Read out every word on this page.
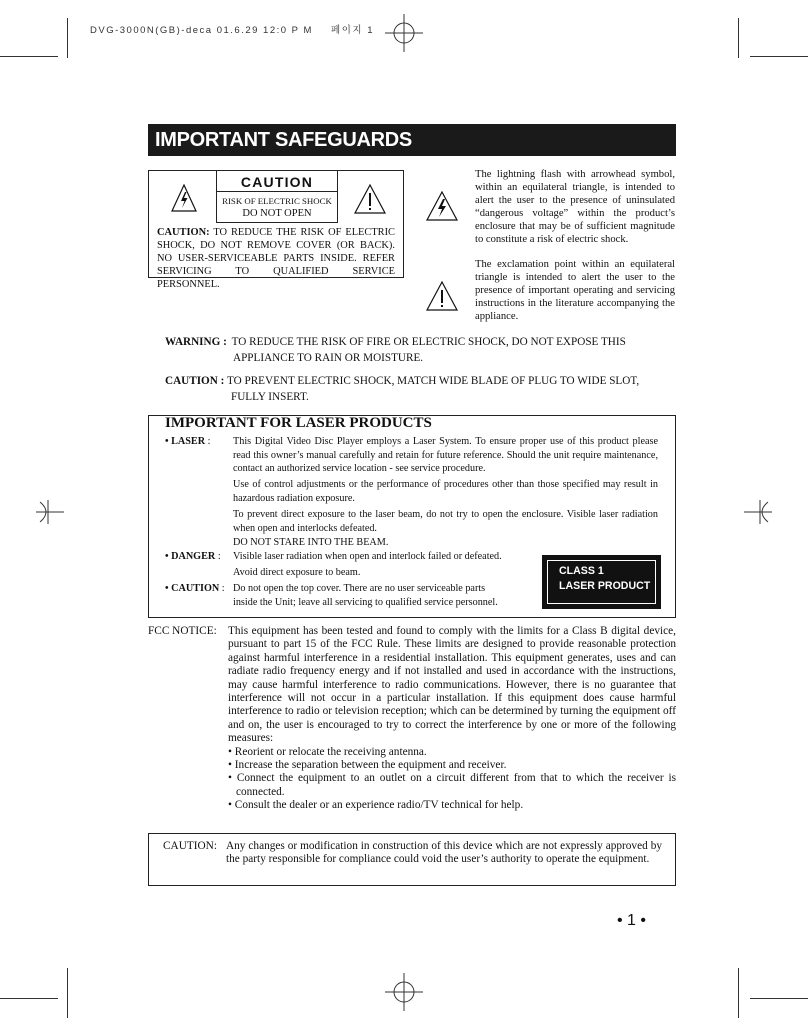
DVG-3000N(GB)-deca 01.6.29 12:0 P M 페이지 1
IMPORTANT SAFEGUARDS
CAUTION
RISK OF ELECTRIC SHOCK
DO NOT OPEN
CAUTION: TO REDUCE THE RISK OF ELECTRIC SHOCK, DO NOT REMOVE COVER (OR BACK). NO USER-SERVICEABLE PARTS INSIDE. REFER SERVICING TO QUALIFIED SERVICE PERSONNEL.
The lightning flash with arrowhead symbol, within an equilateral triangle, is intended to alert the user to the presence of uninsulated “dangerous voltage” within the product’s enclosure that may be of sufficient magnitude to constitute a risk of electric shock.
The exclamation point within an equilateral triangle is intended to alert the user to the presence of important operating and servicing instructions in the literature accompanying the appliance.
WARNING : TO REDUCE THE RISK OF FIRE OR ELECTRIC SHOCK, DO NOT EXPOSE THIS
APPLIANCE TO RAIN OR MOISTURE.
CAUTION : TO PREVENT ELECTRIC SHOCK, MATCH WIDE BLADE OF PLUG TO WIDE SLOT,
FULLY INSERT.
IMPORTANT FOR LASER PRODUCTS
• LASER : This Digital Video Disc Player employs a Laser System. To ensure proper use of this product please read this owner’s manual carefully and retain for future reference. Should the unit require maintenance, contact an authorized service location - see service procedure.
Use of control adjustments or the performance of procedures other than those specified may result in hazardous radiation exposure.
To prevent direct exposure to the laser beam, do not try to open the enclosure. Visible laser radiation when open and interlocks defeated.
DO NOT STARE INTO THE BEAM.
• DANGER : Visible laser radiation when open and interlock failed or defeated.
Avoid direct exposure to beam.
• CAUTION : Do not open the top cover. There are no user serviceable parts
inside the Unit; leave all servicing to qualified service personnel.
CLASS 1
LASER PRODUCT
FCC NOTICE: This equipment has been tested and found to comply with the limits for a Class B digital device, pursuant to part 15 of the FCC Rule. These limits are designed to provide reasonable protection against harmful interference in a residential installation. This equipment generates, uses and can radiate radio frequency energy and if not installed and used in accordance with the instructions, may cause harmful interference to radio communications. However, there is no guarantee that interference will not occur in a particular installation. If this equipment does cause harmful interference to radio or television reception; which can be determined by turning the equipment off and on, the user is encouraged to try to correct the interference by one or more of the following measures:
• Reorient or relocate the receiving antenna.
• Increase the separation between the equipment and receiver.
• Connect the equipment to an outlet on a circuit different from that to which the receiver is connected.
• Consult the dealer or an experience radio/TV technical for help.
CAUTION: Any changes or modification in construction of this device which are not expressly approved by the party responsible for compliance could void the user’s authority to operate the equipment.
• 1 •
